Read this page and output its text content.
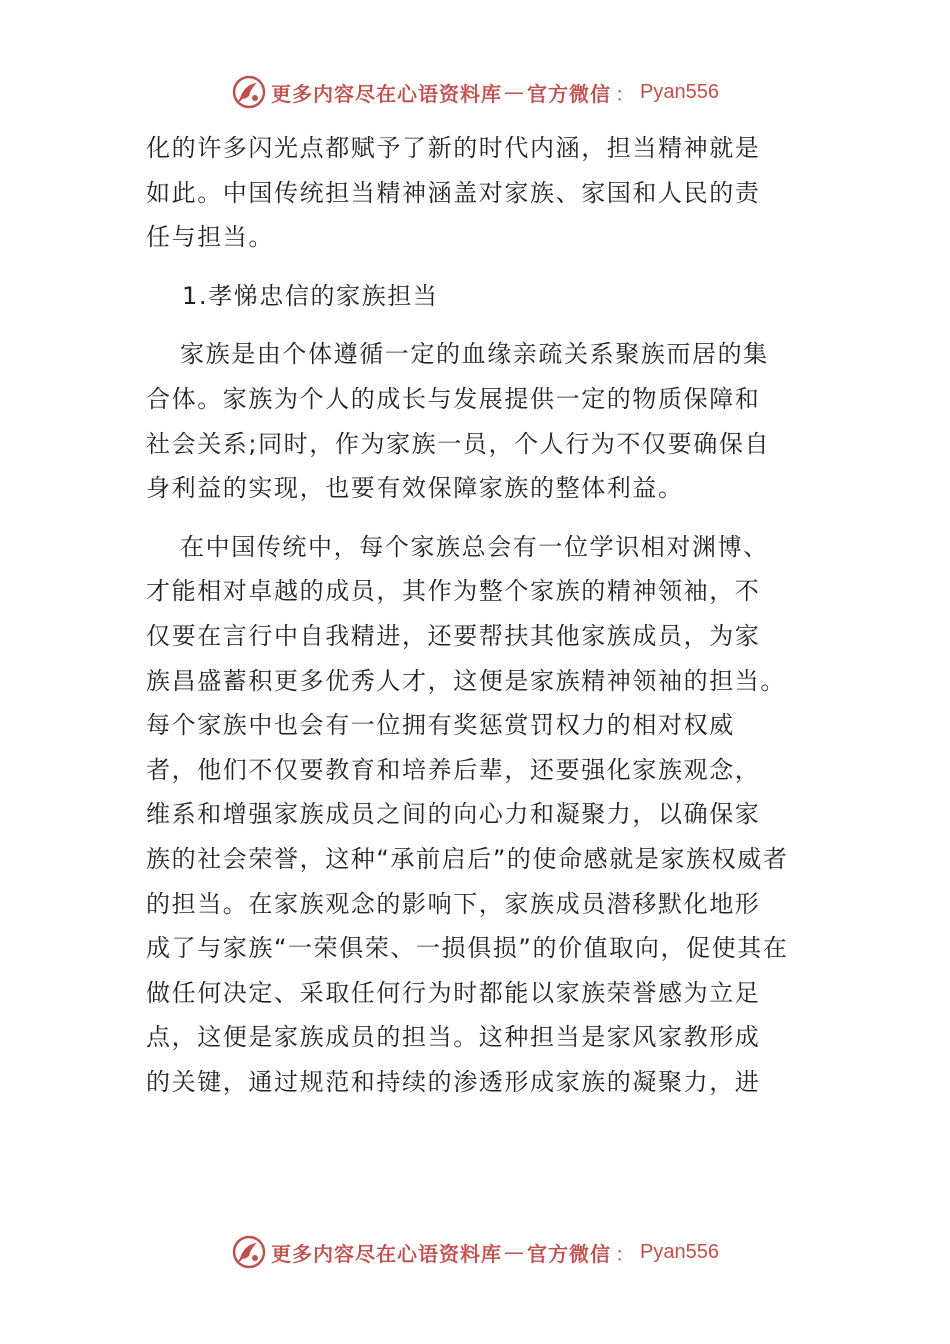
更多内容尽在心语资料库 — 官方微信 ： Pyan556

化的许多闪光点都赋予了新的时代内涵，担当精神就是
如此。中国传统担当精神涵盖对家族、家国和人民的责
任与担当。

1.孝悌忠信的家族担当

家族是由个体遵循一定的血缘亲疏关系聚族而居的集
合体。家族为个人的成长与发展提供一定的物质保障和
社会关系;同时，作为家族一员，个人行为不仅要确保自
身利益的实现，也要有效保障家族的整体利益。

在中国传统中，每个家族总会有一位学识相对渊博、
才能相对卓越的成员，其作为整个家族的精神领袖，不
仅要在言行中自我精进，还要帮扶其他家族成员，为家
族昌盛蓄积更多优秀人才，这便是家族精神领袖的担当。
每个家族中也会有一位拥有奖惩赏罚权力的相对权威
者，他们不仅要教育和培养后辈，还要强化家族观念，
维系和增强家族成员之间的向心力和凝聚力，以确保家
族的社会荣誉，这种“承前启后”的使命感就是家族权威者
的担当。在家族观念的影响下，家族成员潜移默化地形
成了与家族“一荣俱荣、一损俱损”的价值取向，促使其在
做任何决定、采取任何行为时都能以家族荣誉感为立足
点，这便是家族成员的担当。这种担当是家风家教形成
的关键，通过规范和持续的渗透形成家族的凝聚力，进

更多内容尽在心语资料库 — 官方微信 ： Pyan556
